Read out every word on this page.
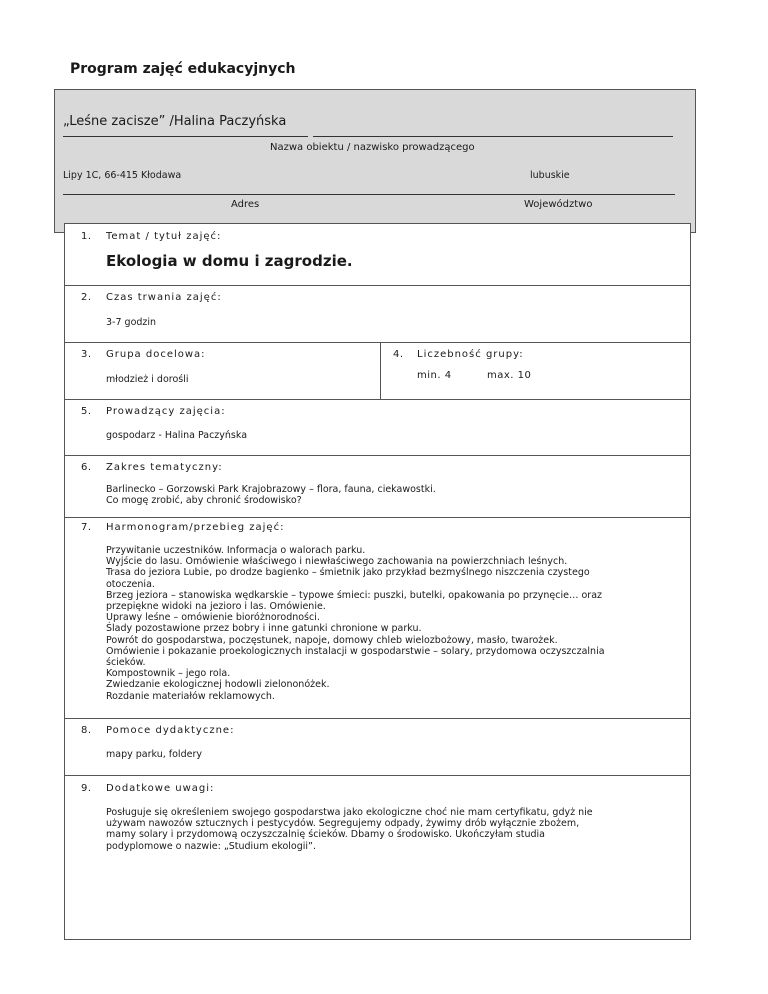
Program zajęć edukacyjnych
„Leśne zacisze” /Halina Paczyńska
Nazwa obiektu / nazwisko prowadzącego
Lipy 1C, 66-415 Kłodawa	lubuskie
Adres	Województwo
1. Temat / tytuł zajęć:
Ekologia w domu i zagrodzie.
2. Czas trwania zajęć:
3-7 godzin
3. Grupa docelowa:
młodzież i dorośli
4. Liczebność grupy:
min. 4	max. 10
5. Prowadzący zajęcia:
gospodarz - Halina Paczyńska
6. Zakres tematyczny:
Barlinecko – Gorzowski Park Krajobrazowy – flora, fauna, ciekawostki.
Co mogę zrobić, aby chronić środowisko?
7. Harmonogram/przebieg zajęć:
Przywitanie uczestników. Informacja o walorach parku.
Wyjście do lasu. Omówienie właściwego i niewłaściwego zachowania na powierzchniach leśnych.
Trasa do jeziora Lubie, po drodze bagienko – śmietnik jako przykład bezmyślnego niszczenia czystego
otoczenia.
Brzeg jeziora – stanowiska wędkarskie – typowe śmieci: puszki, butelki, opakowania po przynęcie… oraz
przepiękne widoki na jezioro i las. Omówienie.
Uprawy leśne – omówienie bioróżnorodności.
Ślady pozostawione przez bobry i inne gatunki chronione w parku.
Powrót do gospodarstwa, poczęstunek, napoje, domowy chleb wielozbożowy, masło, twarożek.
Omówienie i pokazanie proekologicznych instalacji w gospodarstwie – solary, przydomowa oczyszczalnia
ścieków.
Kompostownik – jego rola.
Zwiedzanie ekologicznej hodowli zielononóżek.
Rozdanie materiałów reklamowych.
8. Pomoce dydaktyczne:
mapy parku, foldery
9. Dodatkowe uwagi:
Posługuje się określeniem swojego gospodarstwa jako ekologiczne choć nie mam certyfikatu, gdyż nie
używam nawozów sztucznych i pestycydów. Segregujemy odpady, żywimy drób wyłącznie zbożem,
mamy solary i przydomową oczyszczalnię ścieków. Dbamy o środowisko. Ukończyłam studia
podyplomowe o nazwie: „Studium ekologii”.
